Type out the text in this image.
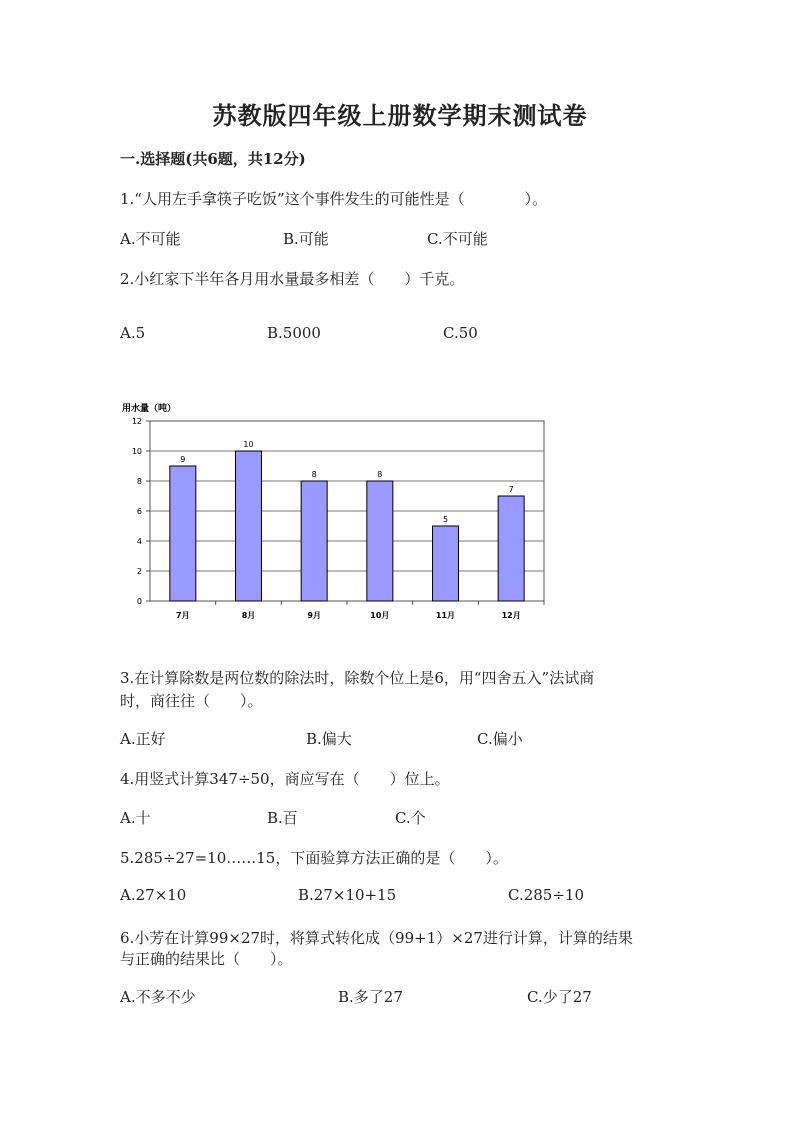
苏教版四年级上册数学期末测试卷
一.选择题(共6题，共12分)
1.“人用左手拿筷子吃饭”这个事件发生的可能性是（　　　　）。
A.不可能	B.可能	C.不可能
2.小红家下半年各月用水量最多相差（　　）千克。
A.5	B.5000	C.50
用水量（吨）
0
2
4
6
8
10
12
9
7月
10
8月
8
9月
8
10月
5
11月
7
12月
3.在计算除数是两位数的除法时，除数个位上是6，用“四舍五入”法试商
时，商往往（　　）。
A.正好	B.偏大	C.偏小
4.用竖式计算347÷50，商应写在（　　）位上。
A.十	B.百	C.个
5.285÷27=10……15，下面验算方法正确的是（　　）。
A.27×10	B.27×10+15	C.285÷10
6.小芳在计算99×27时，将算式转化成（99+1）×27进行计算，计算的结果
与正确的结果比（　　）。
A.不多不少	B.多了27	C.少了27
